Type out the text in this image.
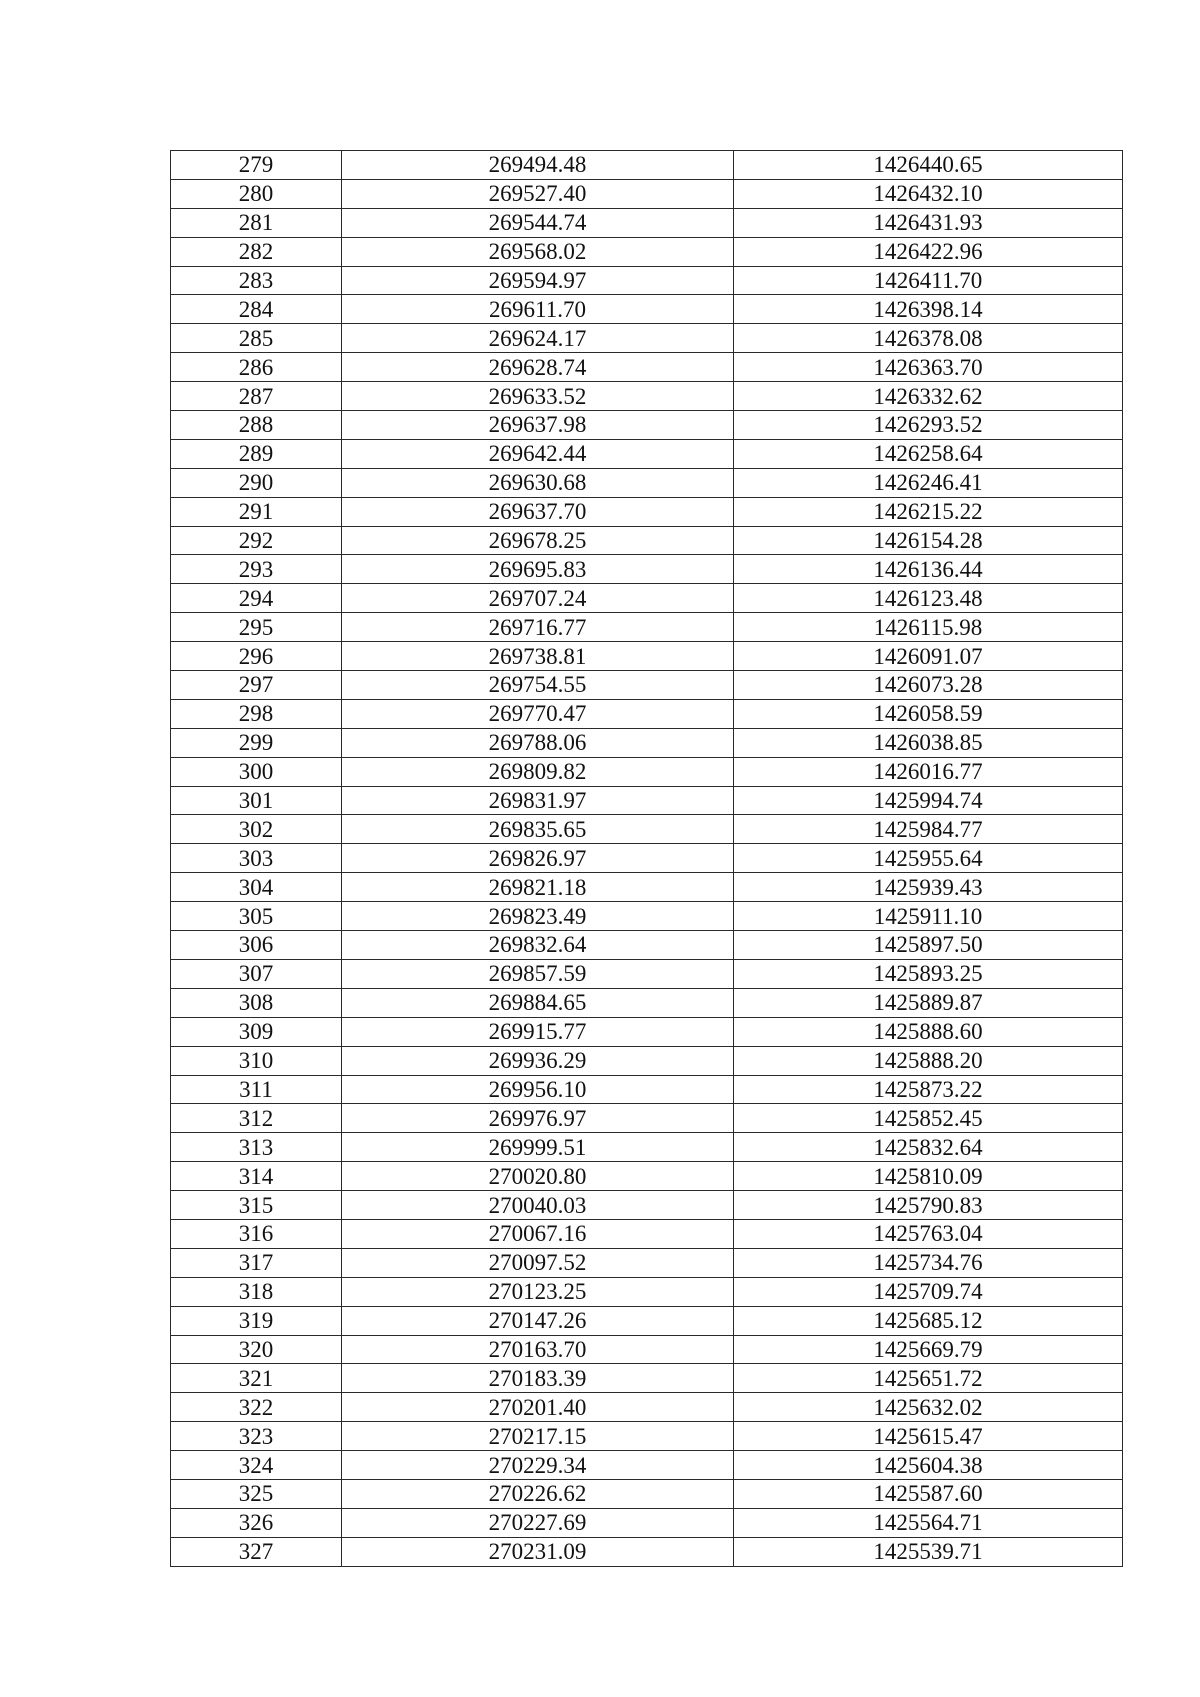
279	269494.48	1426440.65
280	269527.40	1426432.10
281	269544.74	1426431.93
282	269568.02	1426422.96
283	269594.97	1426411.70
284	269611.70	1426398.14
285	269624.17	1426378.08
286	269628.74	1426363.70
287	269633.52	1426332.62
288	269637.98	1426293.52
289	269642.44	1426258.64
290	269630.68	1426246.41
291	269637.70	1426215.22
292	269678.25	1426154.28
293	269695.83	1426136.44
294	269707.24	1426123.48
295	269716.77	1426115.98
296	269738.81	1426091.07
297	269754.55	1426073.28
298	269770.47	1426058.59
299	269788.06	1426038.85
300	269809.82	1426016.77
301	269831.97	1425994.74
302	269835.65	1425984.77
303	269826.97	1425955.64
304	269821.18	1425939.43
305	269823.49	1425911.10
306	269832.64	1425897.50
307	269857.59	1425893.25
308	269884.65	1425889.87
309	269915.77	1425888.60
310	269936.29	1425888.20
311	269956.10	1425873.22
312	269976.97	1425852.45
313	269999.51	1425832.64
314	270020.80	1425810.09
315	270040.03	1425790.83
316	270067.16	1425763.04
317	270097.52	1425734.76
318	270123.25	1425709.74
319	270147.26	1425685.12
320	270163.70	1425669.79
321	270183.39	1425651.72
322	270201.40	1425632.02
323	270217.15	1425615.47
324	270229.34	1425604.38
325	270226.62	1425587.60
326	270227.69	1425564.71
327	270231.09	1425539.71
